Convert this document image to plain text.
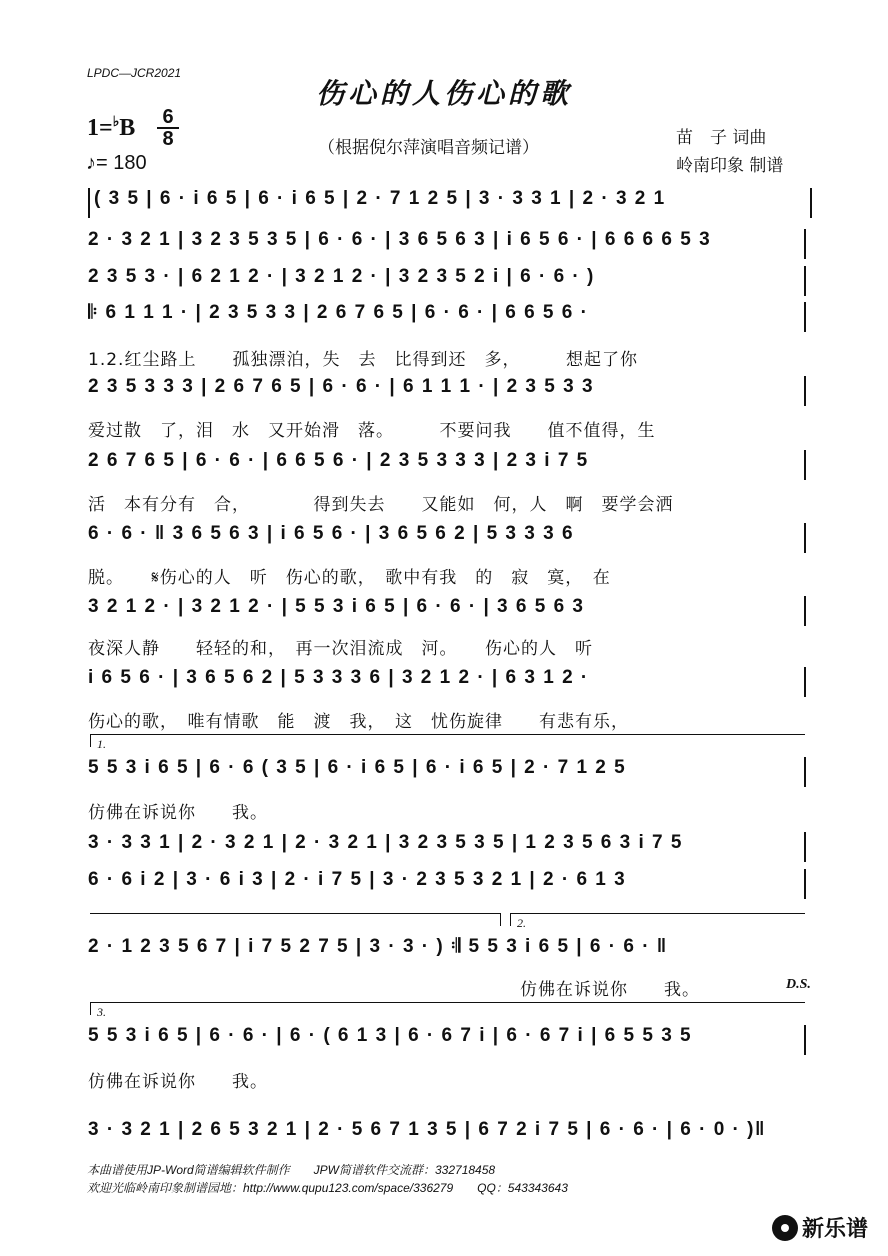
LPDC—JCR2021
伤心的人伤心的歌
1=♭B 6
8	（根据倪尔萍演唱音频记谱）	苗　子 词曲
岭南印象 制谱
♪= 180
( 3 5 | 6 · i 6 5 | 6 · i 6 5 | 2 · 7 1 2 5 | 3 · 3 3 1 | 2 · 3 2 1
2 · 3 2 1 | 3 2 3 5 3 5 | 6 · 6 · | 3 6 5 6 3 | i 6 5 6 · | 6 6 6 6 5 3
2 3 5 3 · | 6 2 1 2 · | 3 2 1 2 · | 3 2 3 5 2 i | 6 · 6 · )
𝄆 6 1 1 1 · | 2 3 5 3 3 | 2 6 7 6 5 | 6 · 6 · | 6 6 5 6 ·
1.2.红尘路上　　孤独漂泊，失　去　比得到还　多，　　　想起了你
2 3 5 3 3 3 | 2 6 7 6 5 | 6 · 6 · | 6 1 1 1 · | 2 3 5 3 3
爱过散　了，泪　水　又开始滑　落。　　　不要问我　　值不值得，生
2 6 7 6 5 | 6 · 6 · | 6 6 5 6 · | 2 3 5 3 3 3 | 2 3 i 7 5
活　本有分有　合，　　　　得到失去　　又能如　何，人　啊　要学会洒
6 · 6 · ‖ 3 6 5 6 3 | i 6 5 6 · | 3 6 5 6 2 | 5 3 3 3 6
脱。　　𝄋伤心的人　听　伤心的歌，　歌中有我　的　寂　寞，　在
3 2 1 2 · | 3 2 1 2 · | 5 5 3 i 6 5 | 6 · 6 · | 3 6 5 6 3
夜深人静　　轻轻的和，　再一次泪流成　河。　　伤心的人　听
i 6 5 6 · | 3 6 5 6 2 | 5 3 3 3 6 | 3 2 1 2 · | 6 3 1 2 ·
伤心的歌，　唯有情歌　能　渡　我，　这　忧伤旋律　　有悲有乐，
1.
5 5 3 i 6 5 | 6 · 6 ( 3 5 | 6 · i 6 5 | 6 · i 6 5 | 2 · 7 1 2 5
仿佛在诉说你　　我。
3 · 3 3 1 | 2 · 3 2 1 | 2 · 3 2 1 | 3 2 3 5 3 5 | 1 2 3 5 6 3 i 7 5
6 · 6 i 2 | 3 · 6 i 3 | 2 · i 7 5 | 3 · 2 3 5 3 2 1 | 2 · 6 1 3
2.
2 · 1 2 3 5 6 7 | i 7 5 2 7 5 | 3 · 3 · ) 𝄇 5 5 3 i 6 5 | 6 · 6 · ‖
仿佛在诉说你　　我。	D.S.
3.
5 5 3 i 6 5 | 6 · 6 · | 6 · ( 6 1 3 | 6 · 6 7 i | 6 · 6 7 i | 6 5 5 3 5
仿佛在诉说你　　我。
3 · 3 2 1 | 2 6 5 3 2 1 | 2 · 5 6 7 1 3 5 | 6 7 2 i 7 5 | 6 · 6 · | 6 · 0 · )‖
本曲谱使用JP-Word简谱编辑软件制作　　JPW简谱软件交流群：332718458
欢迎光临岭南印象制谱园地：http://www.qupu123.com/space/336279　　QQ：543343643
新乐谱
